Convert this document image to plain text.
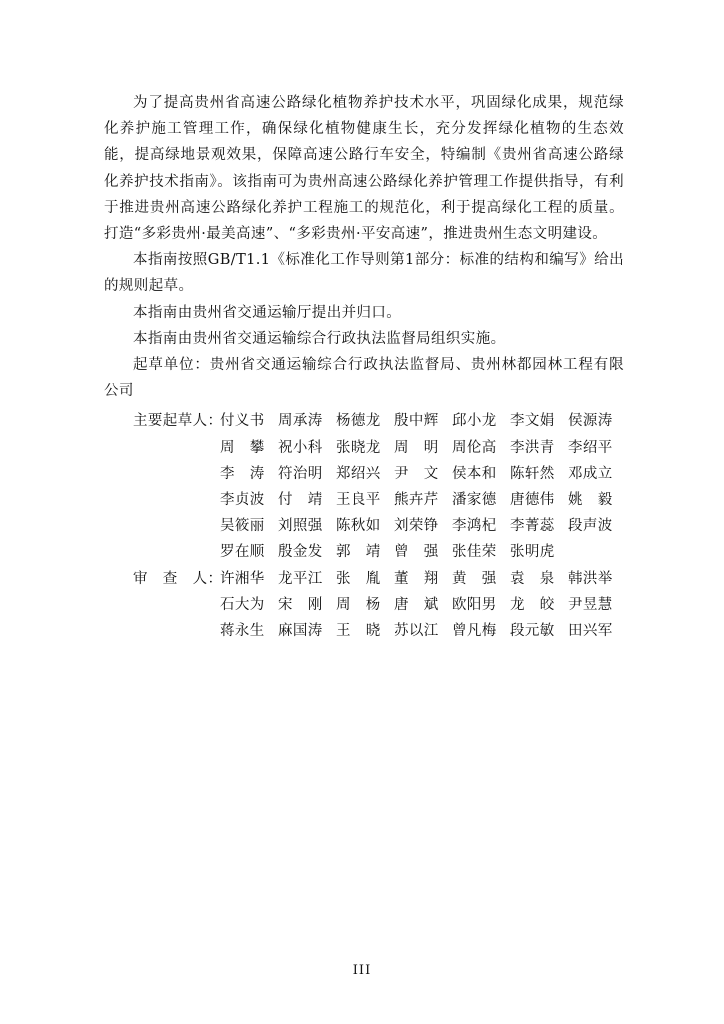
为了提高贵州省高速公路绿化植物养护技术水平，巩固绿化成果，规范绿化养护施工管理工作，确保绿化植物健康生长，充分发挥绿化植物的生态效能，提高绿地景观效果，保障高速公路行车安全，特编制《贵州省高速公路绿化养护技术指南》。该指南可为贵州高速公路绿化养护管理工作提供指导，有利于推进贵州高速公路绿化养护工程施工的规范化，利于提高绿化工程的质量。打造“多彩贵州·最美高速”、“多彩贵州·平安高速”，推进贵州生态文明建设。

本指南按照GB/T1.1《标准化工作导则第1部分：标准的结构和编写》给出的规则起草。

本指南由贵州省交通运输厅提出并归口。

本指南由贵州省交通运输综合行政执法监督局组织实施。

起草单位：贵州省交通运输综合行政执法监督局、贵州林都园林工程有限公司

主要起草人：
付义书 周承涛 杨德龙 殷中辉 邱小龙 李文娟 侯源涛
周　攀 祝小科 张晓龙 周　明 周伦高 李洪青 李绍平
李　涛 符治明 郑绍兴 尹　文 侯本和 陈轩然 邓成立
李贞波 付　靖 王良平 熊卉芹 潘家德 唐德伟 姚　毅
吴筱丽 刘照强 陈秋如 刘荣铮 李鸿杞 李菁蕊 段声波
罗在顺 殷金发 郭　靖 曾　强 张佳荣 张明虎
审　查　人：
许湘华 龙平江 张　胤 董　翔 黄　强 袁　泉 韩洪举
石大为 宋　刚 周　杨 唐　斌 欧阳男 龙　皎 尹昱慧
蒋永生 麻国涛 王　晓 苏以江 曾凡梅 段元敏 田兴军
III
